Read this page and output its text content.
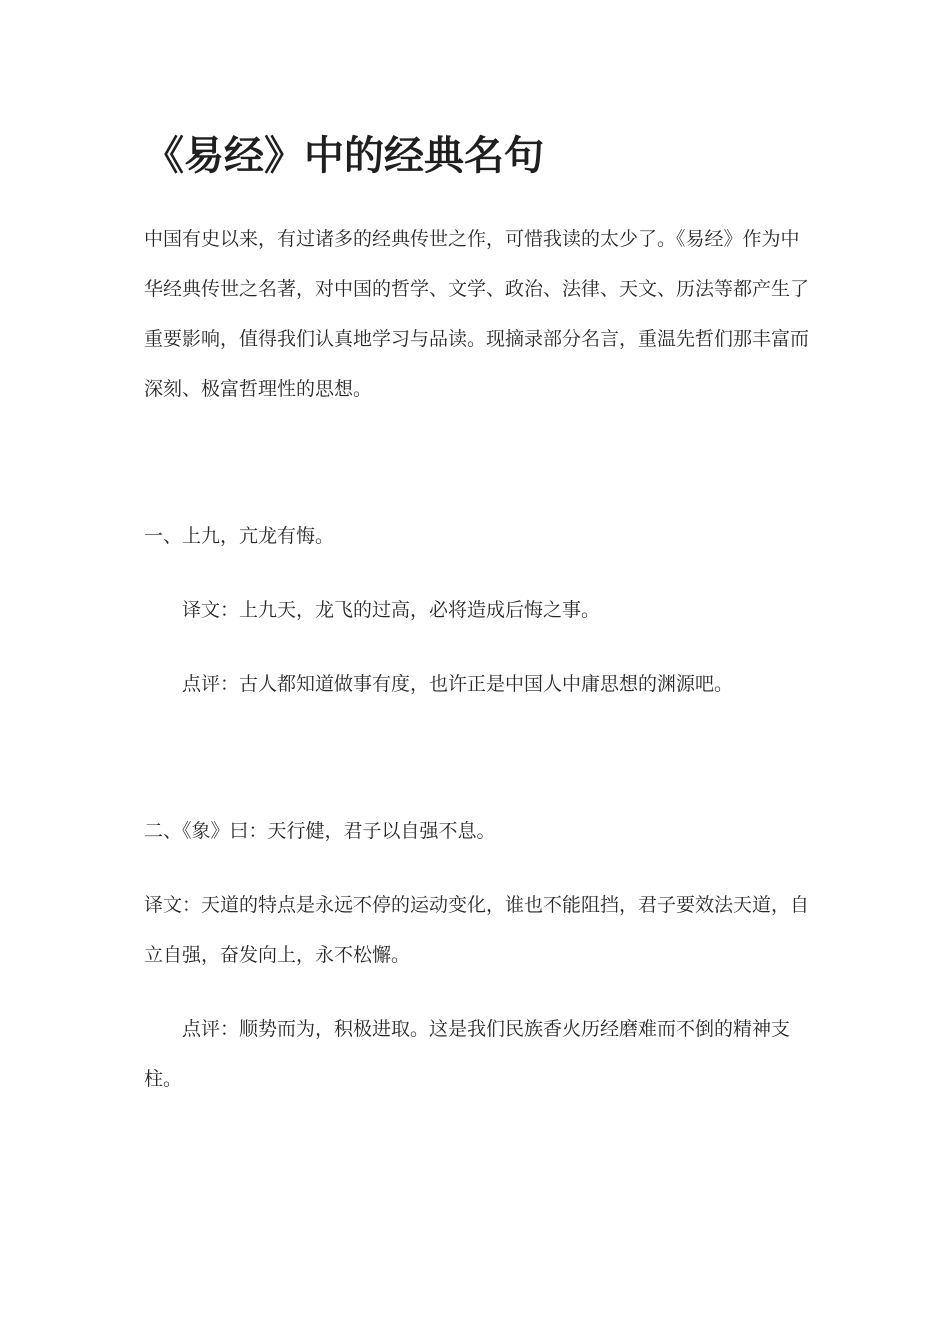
《易经》中的经典名句

中国有史以来，有过诸多的经典传世之作，可惜我读的太少了。《易经》作为中华经典传世之名著，对中国的哲学、文学、政治、法律、天文、历法等都产生了重要影响，值得我们认真地学习与品读。现摘录部分名言，重温先哲们那丰富而深刻、极富哲理性的思想。

一、上九，亢龙有悔。

译文：上九天，龙飞的过高，必将造成后悔之事。

点评：古人都知道做事有度，也许正是中国人中庸思想的渊源吧。

二、《象》曰：天行健，君子以自强不息。

译文：天道的特点是永远不停的运动变化，谁也不能阻挡，君子要效法天道，自立自强，奋发向上，永不松懈。

点评：顺势而为，积极进取。这是我们民族香火历经磨难而不倒的精神支柱。
